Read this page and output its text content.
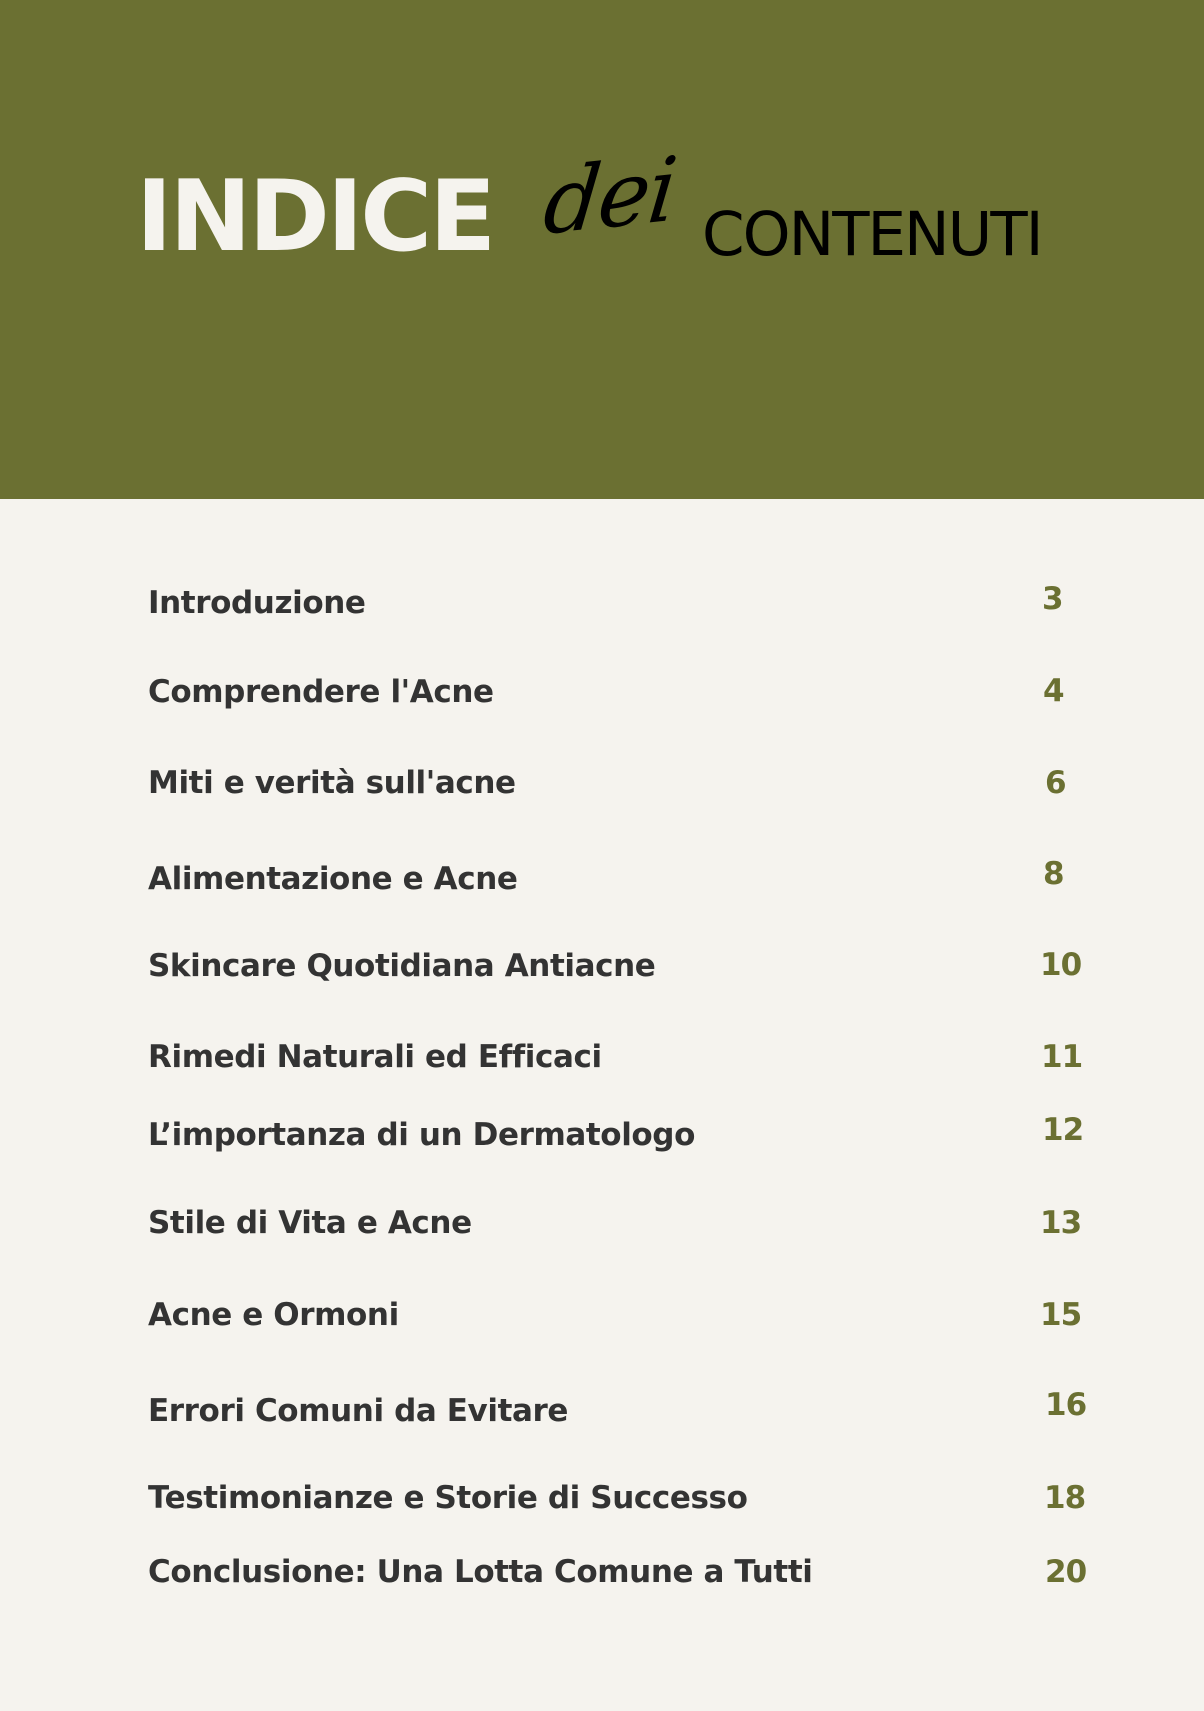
INDICE dei CONTENUTI
Introduzione	3
Comprendere l'Acne	4
Miti e verità sull'acne	6
Alimentazione e Acne	8
Skincare Quotidiana Antiacne	10
Rimedi Naturali ed Efficaci	11
L’importanza di un Dermatologo	12
Stile di Vita e Acne	13
Acne e Ormoni	15
Errori Comuni da Evitare	16
Testimonianze e Storie di Successo	18
Conclusione: Una Lotta Comune a Tutti	20
